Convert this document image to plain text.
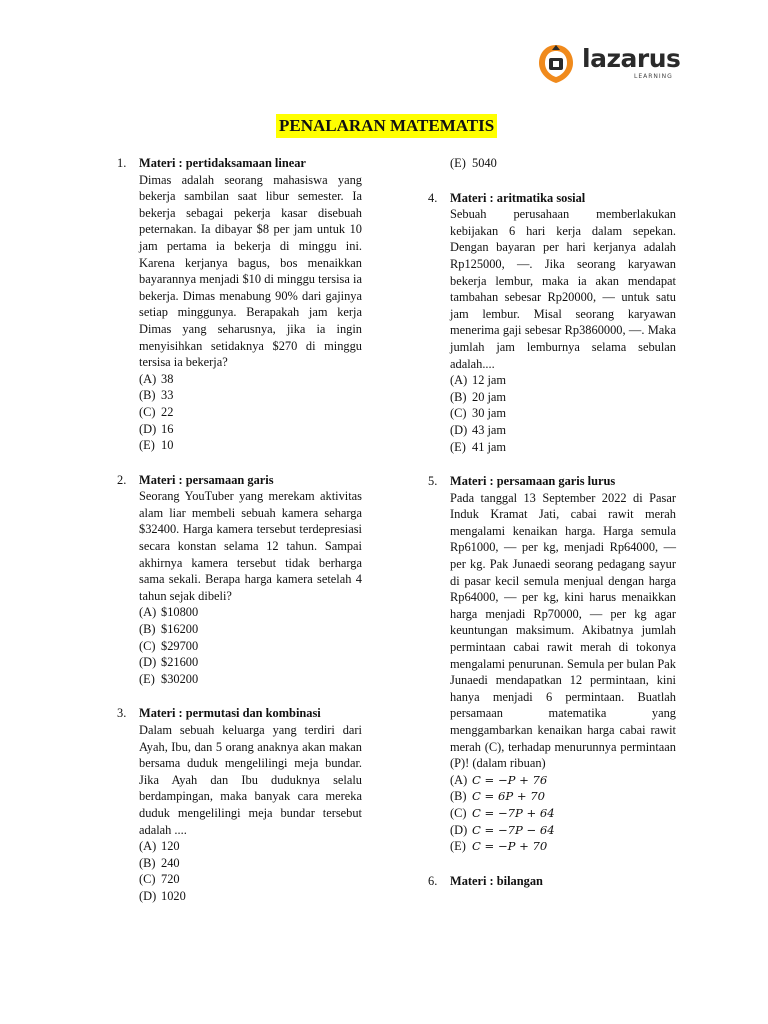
lazarus
LEARNING
PENALARAN MATEMATIS
1. Materi : pertidaksamaan linear
Dimas adalah seorang mahasiswa yang bekerja sambilan saat libur semester. Ia bekerja sebagai pekerja kasar disebuah peternakan. Ia dibayar $8 per jam untuk 10 jam pertama ia bekerja di minggu ini. Karena kerjanya bagus, bos menaikkan bayarannya menjadi $10 di minggu tersisa ia bekerja. Dimas menabung 90% dari gajinya setiap minggunya. Berapakah jam kerja Dimas yang seharusnya, jika ia ingin menyisihkan setidaknya $270 di minggu tersisa ia bekerja?
(A) 38
(B) 33
(C) 22
(D) 16
(E) 10
2. Materi : persamaan garis
Seorang YouTuber yang merekam aktivitas alam liar membeli sebuah kamera seharga $32400. Harga kamera tersebut terdepresiasi secara konstan selama 12 tahun. Sampai akhirnya kamera tersebut tidak berharga sama sekali. Berapa harga kamera setelah 4 tahun sejak dibeli?
(A) $10800
(B) $16200
(C) $29700
(D) $21600
(E) $30200
3. Materi : permutasi dan kombinasi
Dalam sebuah keluarga yang terdiri dari Ayah, Ibu, dan 5 orang anaknya akan makan bersama duduk mengelilingi meja bundar. Jika Ayah dan Ibu duduknya selalu berdampingan, maka banyak cara mereka duduk mengelilingi meja bundar tersebut adalah ....
(A) 120
(B) 240
(C) 720
(D) 1020
(E) 5040
4. Materi : aritmatika sosial
Sebuah perusahaan memberlakukan kebijakan 6 hari kerja dalam sepekan. Dengan bayaran per hari kerjanya adalah Rp125000, —. Jika seorang karyawan bekerja lembur, maka ia akan mendapat tambahan sebesar Rp20000, — untuk satu jam lembur. Misal seorang karyawan menerima gaji sebesar Rp3860000, —. Maka jumlah jam lemburnya selama sebulan adalah....
(A) 12 jam
(B) 20 jam
(C) 30 jam
(D) 43 jam
(E) 41 jam
5. Materi : persamaan garis lurus
Pada tanggal 13 September 2022 di Pasar Induk Kramat Jati, cabai rawit merah mengalami kenaikan harga. Harga semula Rp61000, — per kg, menjadi Rp64000, — per kg. Pak Junaedi seorang pedagang sayur di pasar kecil semula menjual dengan harga Rp64000, — per kg, kini harus menaikkan harga menjadi Rp70000, — per kg agar keuntungan maksimum. Akibatnya jumlah permintaan cabai rawit merah di tokonya mengalami penurunan. Semula per bulan Pak Junaedi mendapatkan 12 permintaan, kini hanya menjadi 6 permintaan. Buatlah persamaan matematika yang menggambarkan kenaikan harga cabai rawit merah (C), terhadap menurunnya permintaan (P)! (dalam ribuan)
(A) C = −P + 76
(B) C = 6P + 70
(C) C = −7P + 64
(D) C = −7P − 64
(E) C = −P + 70
6. Materi : bilangan
